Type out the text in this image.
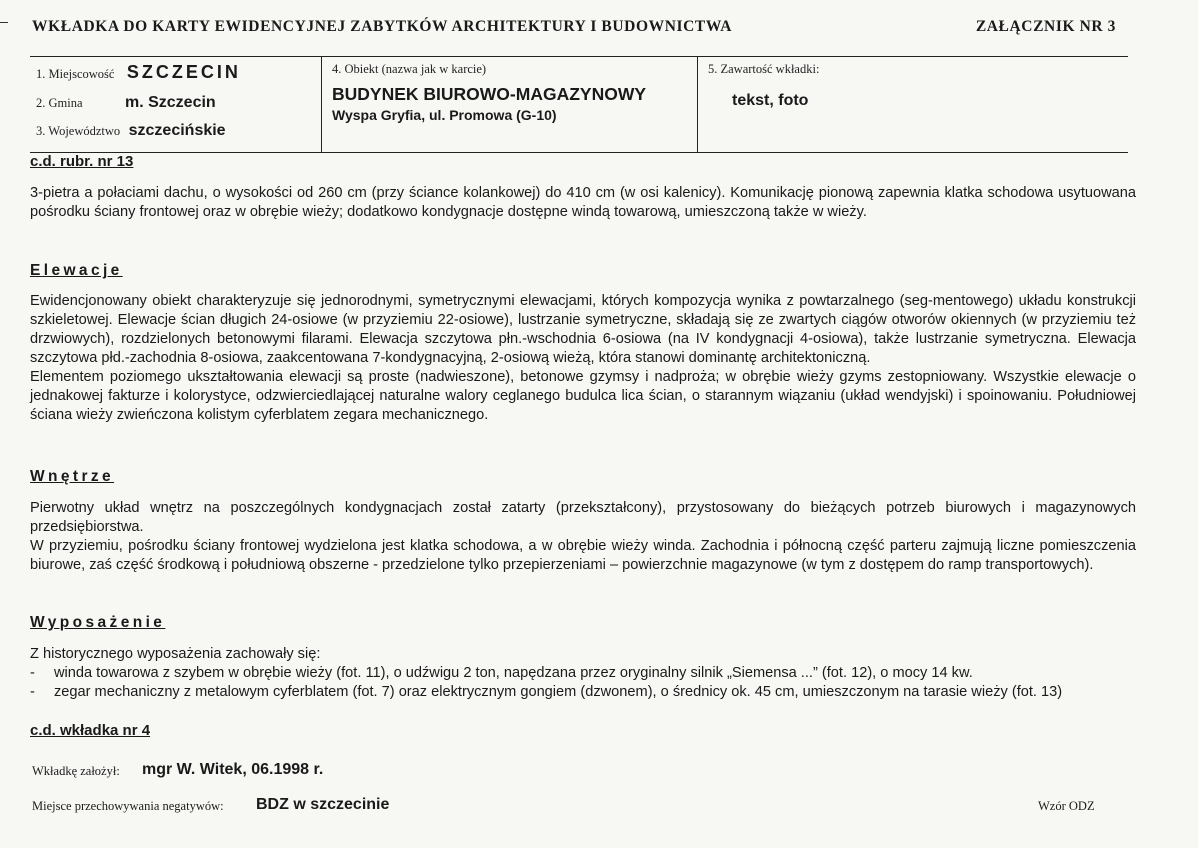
WKŁADKA DO KARTY EWIDENCYJNEJ ZABYTKÓW ARCHITEKTURY I BUDOWNICTWA	ZAŁĄCZNIK NR 3
1. Miejscowość SZCZECIN
2. Gmina	m. Szczecin
3. Województwo szczecińskie
4. Obiekt (nazwa jak w karcie)
BUDYNEK BIUROWO-MAGAZYNOWY
Wyspa Gryfia, ul. Promowa (G-10)
5. Zawartość wkładki:
tekst, foto
c.d. rubr. nr 13
3-pietra a połaciami dachu, o wysokości od 260 cm (przy ściance kolankowej) do 410 cm (w osi kalenicy). Komunikację pionową zapewnia klatka schodowa usytuowana pośrodku ściany frontowej oraz w obrębie wieży; dodatkowo kondygnacje dostępne windą towarową, umieszczoną także w wieży.
Elewacje
Ewidencjonowany obiekt charakteryzuje się jednorodnymi, symetrycznymi elewacjami, których kompozycja wynika z powtarzalnego (seg-mentowego) układu konstrukcji szkieletowej. Elewacje ścian długich 24-osiowe (w przyziemiu 22-osiowe), lustrzanie symetryczne, składają się ze zwartych ciągów otworów okiennych (w przyziemiu też drzwiowych), rozdzielonych betonowymi filarami. Elewacja szczytowa płn.-wschodnia 6-osiowa (na IV kondygnacji 4-osiowa), także lustrzanie symetryczna. Elewacja szczytowa płd.-zachodnia 8-osiowa, zaakcentowana 7-kondygnacyjną, 2-osiową wieżą, która stanowi dominantę architektoniczną.
Elementem poziomego ukształtowania elewacji są proste (nadwieszone), betonowe gzymsy i nadproża; w obrębie wieży gzyms zestopniowany. Wszystkie elewacje o jednakowej fakturze i kolorystyce, odzwierciedlającej naturalne walory ceglanego budulca lica ścian, o starannym wiązaniu (układ wendyjski) i spoinowaniu. Południowej ściana wieży zwieńczona kolistym cyferblatem zegara mechanicznego.
Wnętrze
Pierwotny układ wnętrz na poszczególnych kondygnacjach został zatarty (przekształcony), przystosowany do bieżących potrzeb biurowych i magazynowych przedsiębiorstwa.
W przyziemiu, pośrodku ściany frontowej wydzielona jest klatka schodowa, a w obrębie wieży winda. Zachodnia i północną część parteru zajmują liczne pomieszczenia biurowe, zaś część środkową i południową obszerne - przedzielone tylko przepierzeniami – powierzchnie magazynowe (w tym z dostępem do ramp transportowych).
Wyposażenie
Z historycznego wyposażenia zachowały się:
- winda towarowa z szybem w obrębie wieży (fot. 11), o udźwigu 2 ton, napędzana przez oryginalny silnik „Siemensa ...” (fot. 12), o mocy 14 kw.
- zegar mechaniczny z metalowym cyferblatem (fot. 7) oraz elektrycznym gongiem (dzwonem), o średnicy ok. 45 cm, umieszczonym na tarasie wieży (fot. 13)
c.d. wkładka nr 4
Wkładkę założył: mgr W. Witek, 06.1998 r.
Miejsce przechowywania negatywów: BDZ w szczecinie	Wzór ODZ
